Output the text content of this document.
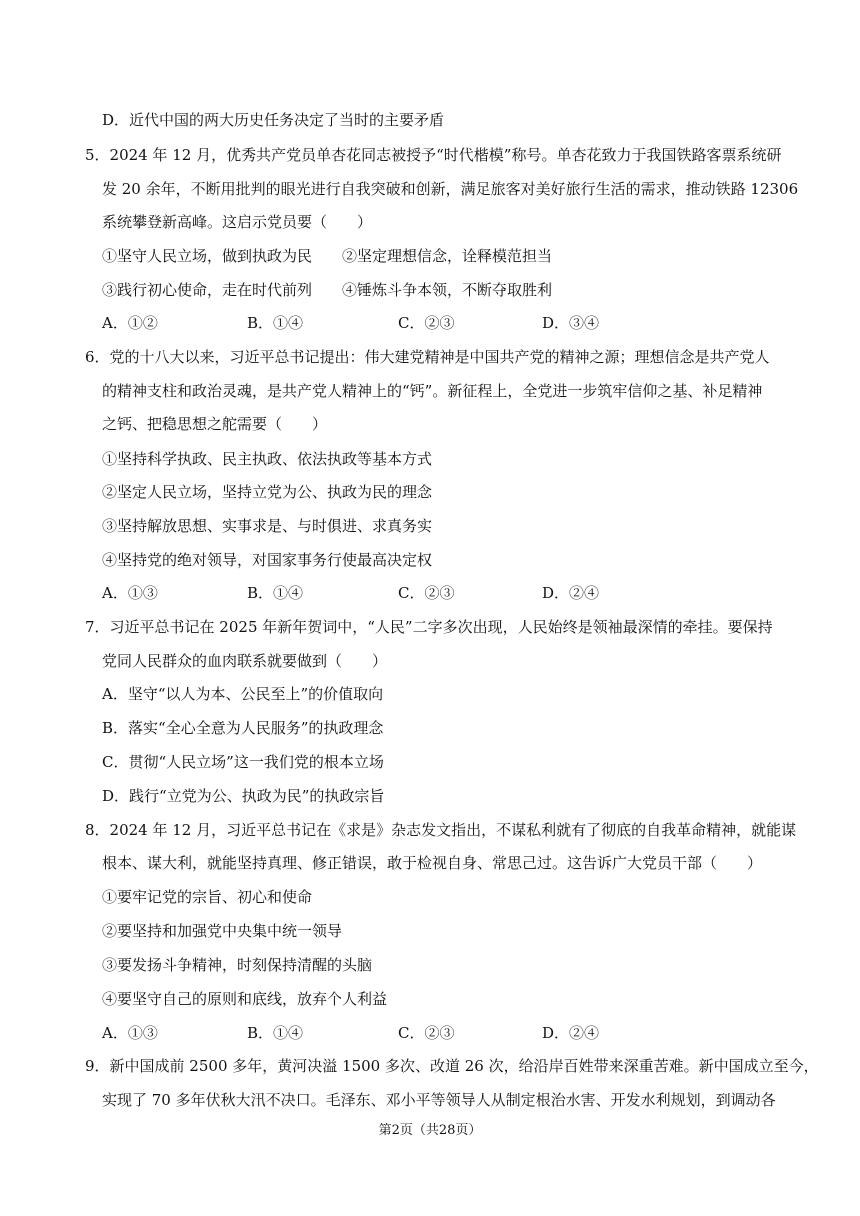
D．近代中国的两大历史任务决定了当时的主要矛盾
5．2024 年 12 月，优秀共产党员单杏花同志被授予“时代楷模”称号。单杏花致力于我国铁路客票系统研
发 20 余年，不断用批判的眼光进行自我突破和创新，满足旅客对美好旅行生活的需求，推动铁路 12306
系统攀登新高峰。这启示党员要（　　）
①坚守人民立场，做到执政为民　　②坚定理想信念，诠释模范担当
③践行初心使命，走在时代前列　　④锤炼斗争本领，不断夺取胜利
A．①②	B．①④	C．②③	D．③④
6．党的十八大以来，习近平总书记提出：伟大建党精神是中国共产党的精神之源；理想信念是共产党人
的精神支柱和政治灵魂，是共产党人精神上的“钙”。新征程上，全党进一步筑牢信仰之基、补足精神
之钙、把稳思想之舵需要（　　）
①坚持科学执政、民主执政、依法执政等基本方式
②坚定人民立场，坚持立党为公、执政为民的理念
③坚持解放思想、实事求是、与时俱进、求真务实
④坚持党的绝对领导，对国家事务行使最高决定权
A．①③	B．①④	C．②③	D．②④
7．习近平总书记在 2025 年新年贺词中，“人民”二字多次出现，人民始终是领袖最深情的牵挂。要保持
党同人民群众的血肉联系就要做到（　　）
A．坚守“以人为本、公民至上”的价值取向
B．落实“全心全意为人民服务”的执政理念
C．贯彻“人民立场”这一我们党的根本立场
D．践行“立党为公、执政为民”的执政宗旨
8．2024 年 12 月，习近平总书记在《求是》杂志发文指出，不谋私利就有了彻底的自我革命精神，就能谋
根本、谋大利，就能坚持真理、修正错误，敢于检视自身、常思己过。这告诉广大党员干部（　　）
①要牢记党的宗旨、初心和使命
②要坚持和加强党中央集中统一领导
③要发扬斗争精神，时刻保持清醒的头脑
④要坚守自己的原则和底线，放弃个人利益
A．①③	B．①④	C．②③	D．②④
9．新中国成前 2500 多年，黄河决溢 1500 多次、改道 26 次，给沿岸百姓带来深重苦难。新中国成立至今，
实现了 70 多年伏秋大汛不决口。毛泽东、邓小平等领导人从制定根治水害、开发水利规划，到调动各
第2页（共28页）
